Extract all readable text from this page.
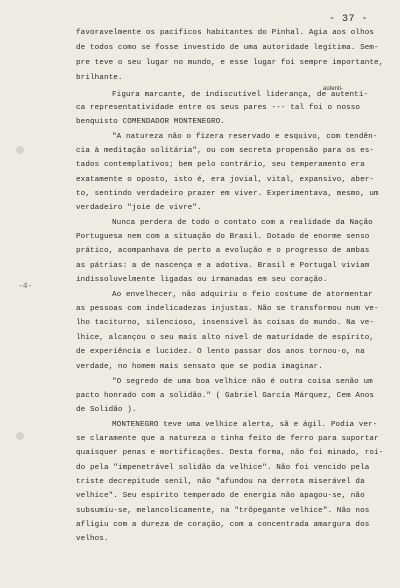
- 37 -
-4-
autenti-
favoravelmente os pacíficos habitantes do Pinhal. Agia aos olhos
de todos como se fosse investido de uma autoridade legítima. Sem-
pre teve o seu lugar no mundo, e esse lugar foi sempre importante,
brilhante.
Figura marcante, de indiscutível liderança, de autenti-
ca representatividade entre os seus pares --- tal foi o nosso
benquisto COMENDADOR MONTENEGRO.
"A natureza não o fizera reservado e esquivo, com tendên-
cia à meditação solitária", ou com secreta propensão para os es-
tados contemplativos; bem pelo contrário, seu temperamento era
exatamente o oposto, isto é, era jovial, vital, expansivo, aber-
to, sentindo verdadeiro prazer em viver. Experimentava, mesmo, um
verdadeiro "joie de vivre".
Nunca perdera de todo o contato com a realidade da Nação
Portuguesa nem com a situação do Brasil. Dotado de enorme senso
prático, acompanhava de perto a evolução e o progresso de ambas
as pátrias: a de nascença e a adotiva. Brasil e Portugal viviam
indissoluvelmente ligadas ou irmanadas em seu coração.
Ao envelhecer, não adquiriu o feio costume de atormentar
as pessoas com indelicadezas injustas. Não se transformou num ve-
lho taciturno, silencioso, insensível às coisas do mundo. Na ve-
lhice, alcançou o seu mais alto nível de maturidade de espírito,
de experiência e lucidez. O lento passar dos anos tornou-o, na
verdade, no homem mais sensato que se podia imaginar.
"O segredo de uma boa velhice não é outra coisa senão um
pacto honrado com a solidão." ( Gabriel García Márquez, Cem Anos
de Solidão ).
MONTENEGRO teve uma velhice alerta, sã e ágil. Podia ver-
se claramente que a natureza o tinha feito de ferro para suportar
quaisquer penas e mortificações. Desta forma, não foi minado, roí-
do pela "impenetrável solidão da velhice". Não foi vencido pela
triste decrepitude senil, não "afundou na derrota miserável da
velhice". Seu espírito temperado de energia não apagou-se, não
subsumiu-se, melancolicamente, na "trôpegante velhice". Não nos
afligiu com a dureza de coração, com a concentrada amargura dos
velhos.
